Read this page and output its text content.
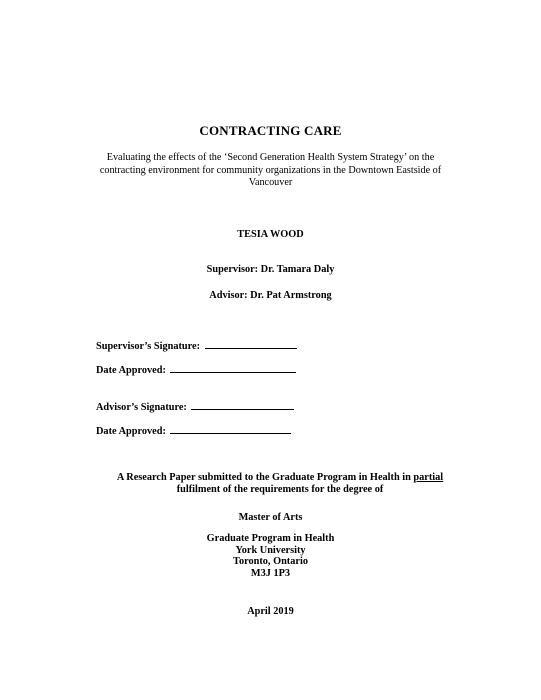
CONTRACTING CARE
Evaluating the effects of the ‘Second Generation Health System Strategy’ on the contracting environment for community organizations in the Downtown Eastside of Vancouver
TESIA WOOD
Supervisor: Dr. Tamara Daly
Advisor: Dr. Pat Armstrong
Supervisor’s Signature:
Date Approved:
Advisor’s Signature:
Date Approved:
A Research Paper submitted to the Graduate Program in Health in partial fulfilment of the requirements for the degree of
Master of Arts
Graduate Program in Health
York University
Toronto, Ontario
M3J 1P3
April 2019
